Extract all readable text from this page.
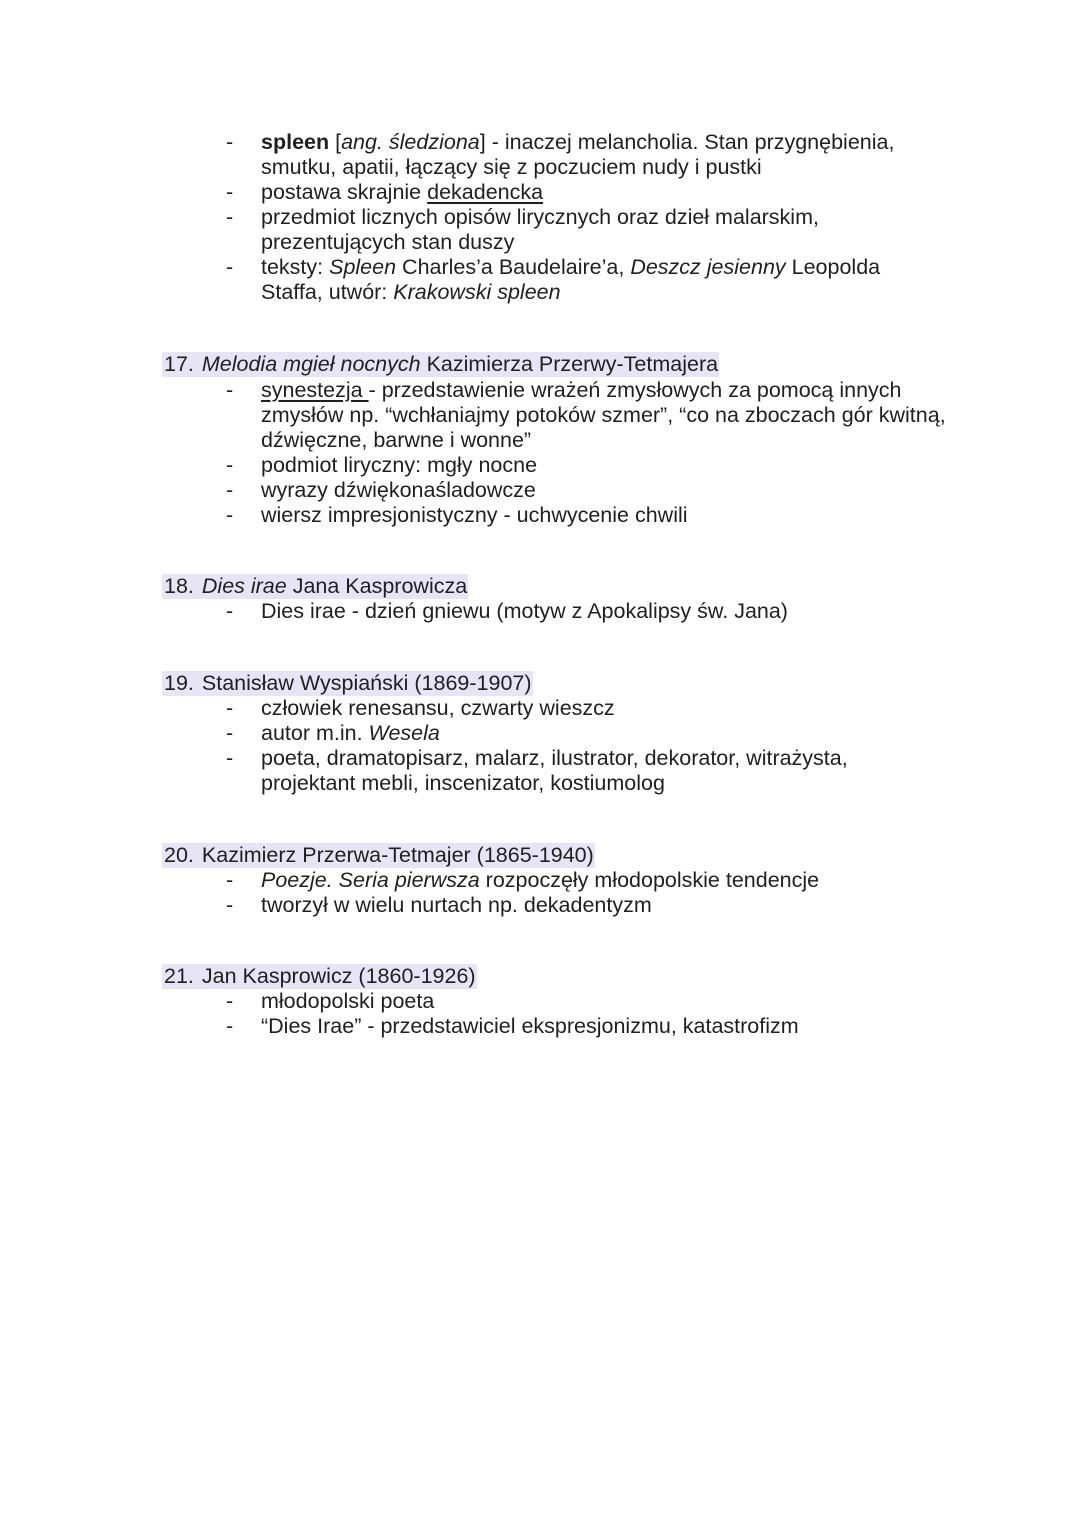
- spleen [ang. śledziona] - inaczej melancholia. Stan przygnębienia, smutku, apatii, łączący się z poczuciem nudy i pustki
- postawa skrajnie dekadencka
- przedmiot licznych opisów lirycznych oraz dzieł malarskim, prezentujących stan duszy
- teksty: Spleen Charles’a Baudelaire’a, Deszcz jesienny Leopolda Staffa, utwór: Krakowski spleen
17. Melodia mgieł nocnych Kazimierza Przerwy-Tetmajera
- synestezja - przedstawienie wrażeń zmysłowych za pomocą innych zmysłów np. “wchłaniajmy potoków szmer”, “co na zboczach gór kwitną, dźwięczne, barwne i wonne”
- podmiot liryczny: mgły nocne
- wyrazy dźwiękonaśladowcze
- wiersz impresjonistyczny - uchwycenie chwili
18. Dies irae Jana Kasprowicza
- Dies irae - dzień gniewu (motyw z Apokalipsy św. Jana)
19. Stanisław Wyspiański (1869-1907)
- człowiek renesansu, czwarty wieszcz
- autor m.in. Wesela
- poeta, dramatopisarz, malarz, ilustrator, dekorator, witrażysta, projektant mebli, inscenizator, kostiumolog
20. Kazimierz Przerwa-Tetmajer (1865-1940)
- Poezje. Seria pierwsza rozpoczęły młodopolskie tendencje
- tworzył w wielu nurtach np. dekadentyzm
21. Jan Kasprowicz (1860-1926)
- młodopolski poeta
- “Dies Irae” - przedstawiciel ekspresjonizmu, katastrofizm
